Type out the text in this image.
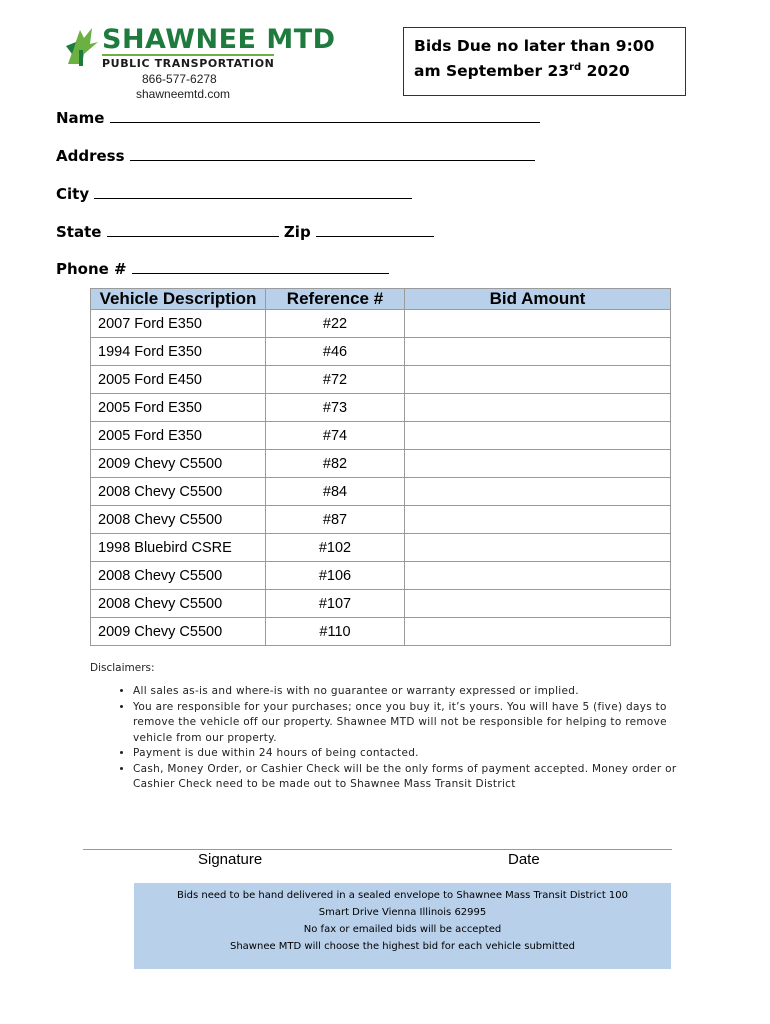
SHAWNEE MTD
PUBLIC TRANSPORTATION
866-577-6278
shawneemtd.com
Bids Due no later than 9:00
am September 23rd 2020
Name
Address
City
State	Zip
Phone #
Vehicle Description	Reference #	Bid Amount
2007 Ford E350	#22	
1994 Ford E350	#46	
2005 Ford E450	#72	
2005 Ford E350	#73	
2005 Ford E350	#74	
2009 Chevy C5500	#82	
2008 Chevy C5500	#84	
2008 Chevy C5500	#87	
1998 Bluebird CSRE	#102	
2008 Chevy C5500	#106	
2008 Chevy C5500	#107	
2009 Chevy C5500	#110	
Disclaimers:
• All sales as-is and where-is with no guarantee or warranty expressed or implied.
• You are responsible for your purchases; once you buy it, it’s yours. You will have 5 (five) days to remove the vehicle off our property. Shawnee MTD will not be responsible for helping to remove vehicle from our property.
• Payment is due within 24 hours of being contacted.
• Cash, Money Order, or Cashier Check will be the only forms of payment accepted. Money order or Cashier Check need to be made out to Shawnee Mass Transit District
Signature	Date
Bids need to be hand delivered in a sealed envelope to Shawnee Mass Transit District 100
Smart Drive Vienna Illinois 62995
No fax or emailed bids will be accepted
Shawnee MTD will choose the highest bid for each vehicle submitted
